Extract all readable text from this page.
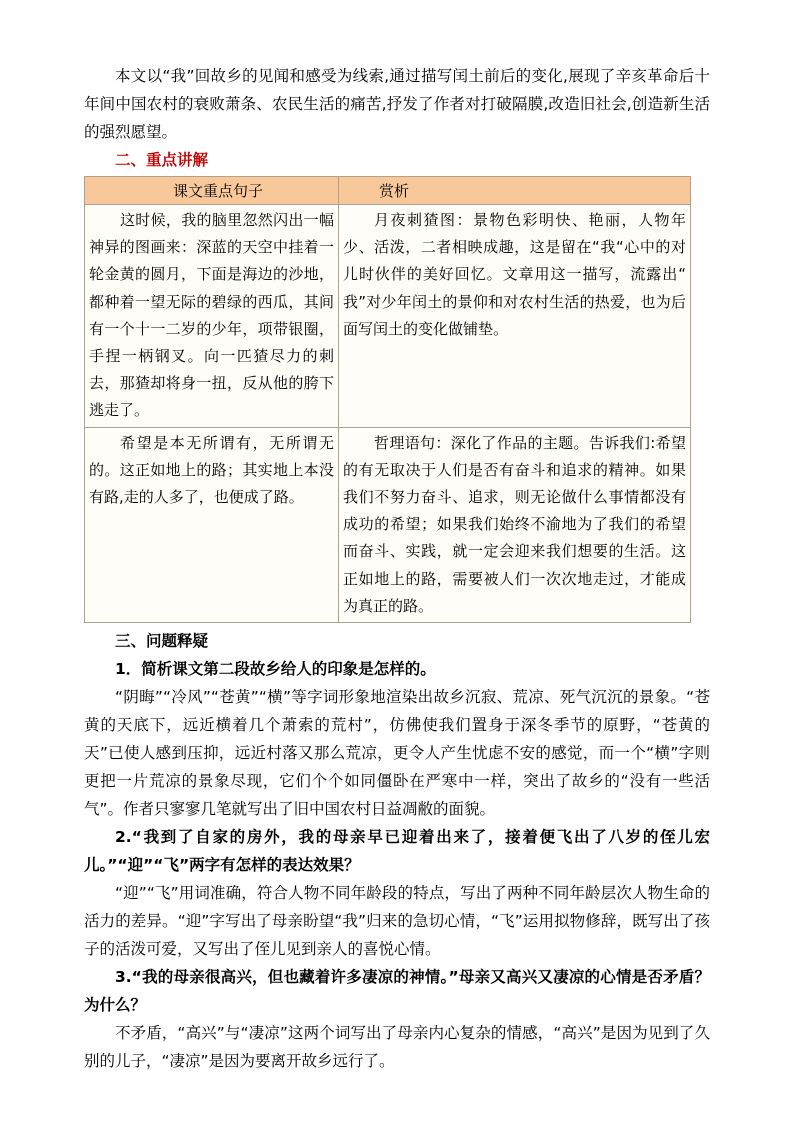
本文以“我”回故乡的见闻和感受为线索,通过描写闰土前后的变化,展现了辛亥革命后十年间中国农村的衰败萧条、农民生活的痛苦,抒发了作者对打破隔膜,改造旧社会,创造新生活的强烈愿望。

二、重点讲解

课文重点句子	赏析

这时候，我的脑里忽然闪出一幅神异的图画来：深蓝的天空中挂着一轮金黄的圆月，下面是海边的沙地，都种着一望无际的碧绿的西瓜，其间有一个十一二岁的少年，项带银圈，手捏一柄钢叉。向一匹猹尽力的刺去，那猹却将身一扭，反从他的胯下逃走了。	月夜刺猹图：景物色彩明快、艳丽，人物年少、活泼，二者相映成趣，这是留在“我“心中的对儿时伙伴的美好回忆。文章用这一描写，流露出“ 我”对少年闰土的景仰和对农村生活的热爱，也为后面写闰土的变化做铺垫。

希望是本无所谓有，无所谓无的。这正如地上的路；其实地上本没有路,走的人多了，也便成了路。	哲理语句：深化了作品的主题。告诉我们:希望的有无取决于人们是否有奋斗和追求的精神。如果我们不努力奋斗、追求，则无论做什么事情都没有成功的希望；如果我们始终不渝地为了我们的希望而奋斗、实践，就一定会迎来我们想要的生活。这正如地上的路，需要被人们一次次地走过，才能成为真正的路。

三、问题释疑

1．简析课文第二段故乡给人的印象是怎样的。

“阴晦”“冷风”“苍黄”“横”等字词形象地渲染出故乡沉寂、荒凉、死气沉沉的景象。“苍黄的天底下，远近横着几个萧索的荒村”，仿佛使我们置身于深冬季节的原野，“苍黄的天”已使人感到压抑，远近村落又那么荒凉，更令人产生忧虑不安的感觉，而一个“横”字则更把一片荒凉的景象尽现，它们个个如同僵卧在严寒中一样，突出了故乡的“没有一些活气”。作者只寥寥几笔就写出了旧中国农村日益凋敝的面貌。

2.“我到了自家的房外，我的母亲早已迎着出来了，接着便飞出了八岁的侄儿宏儿。”“迎”“飞”两字有怎样的表达效果？

“迎”“飞”用词准确，符合人物不同年龄段的特点，写出了两种不同年龄层次人物生命的活力的差异。“迎”字写出了母亲盼望“我”归来的急切心情，“飞”运用拟物修辞，既写出了孩子的活泼可爱，又写出了侄儿见到亲人的喜悦心情。

3.“我的母亲很高兴，但也藏着许多凄凉的神情。”母亲又高兴又凄凉的心情是否矛盾？为什么？

不矛盾，“高兴”与“凄凉”这两个词写出了母亲内心复杂的情感，“高兴”是因为见到了久别的儿子，“凄凉”是因为要离开故乡远行了。
